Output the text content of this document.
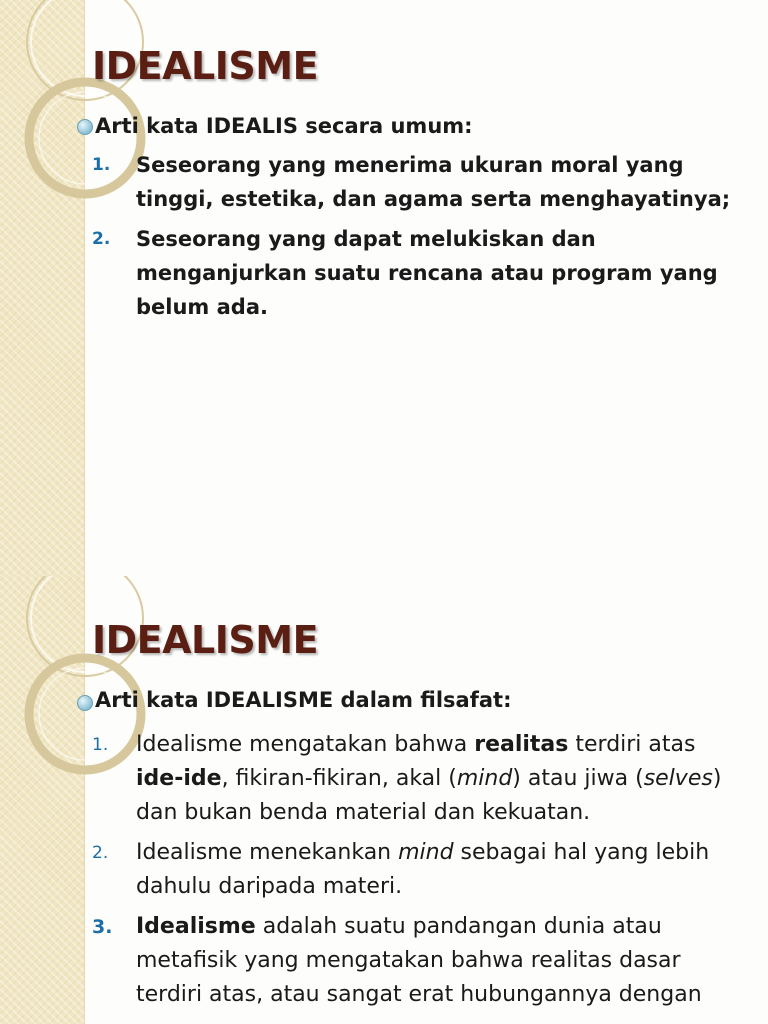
IDEALISME
Arti kata IDEALIS secara umum:
1. Seseorang yang menerima ukuran moral yang tinggi, estetika, dan agama serta menghayatinya;
2. Seseorang yang dapat melukiskan dan menganjurkan suatu rencana atau program yang belum ada.
IDEALISME
Arti kata IDEALISME dalam filsafat:
1. Idealisme mengatakan bahwa realitas terdiri atas ide-ide, fikiran-fikiran, akal (mind) atau jiwa (selves) dan bukan benda material dan kekuatan.
2. Idealisme menekankan mind sebagai hal yang lebih dahulu daripada materi.
3. Idealisme adalah suatu pandangan dunia atau metafisik yang mengatakan bahwa realitas dasar terdiri atas, atau sangat erat hubungannya dengan
